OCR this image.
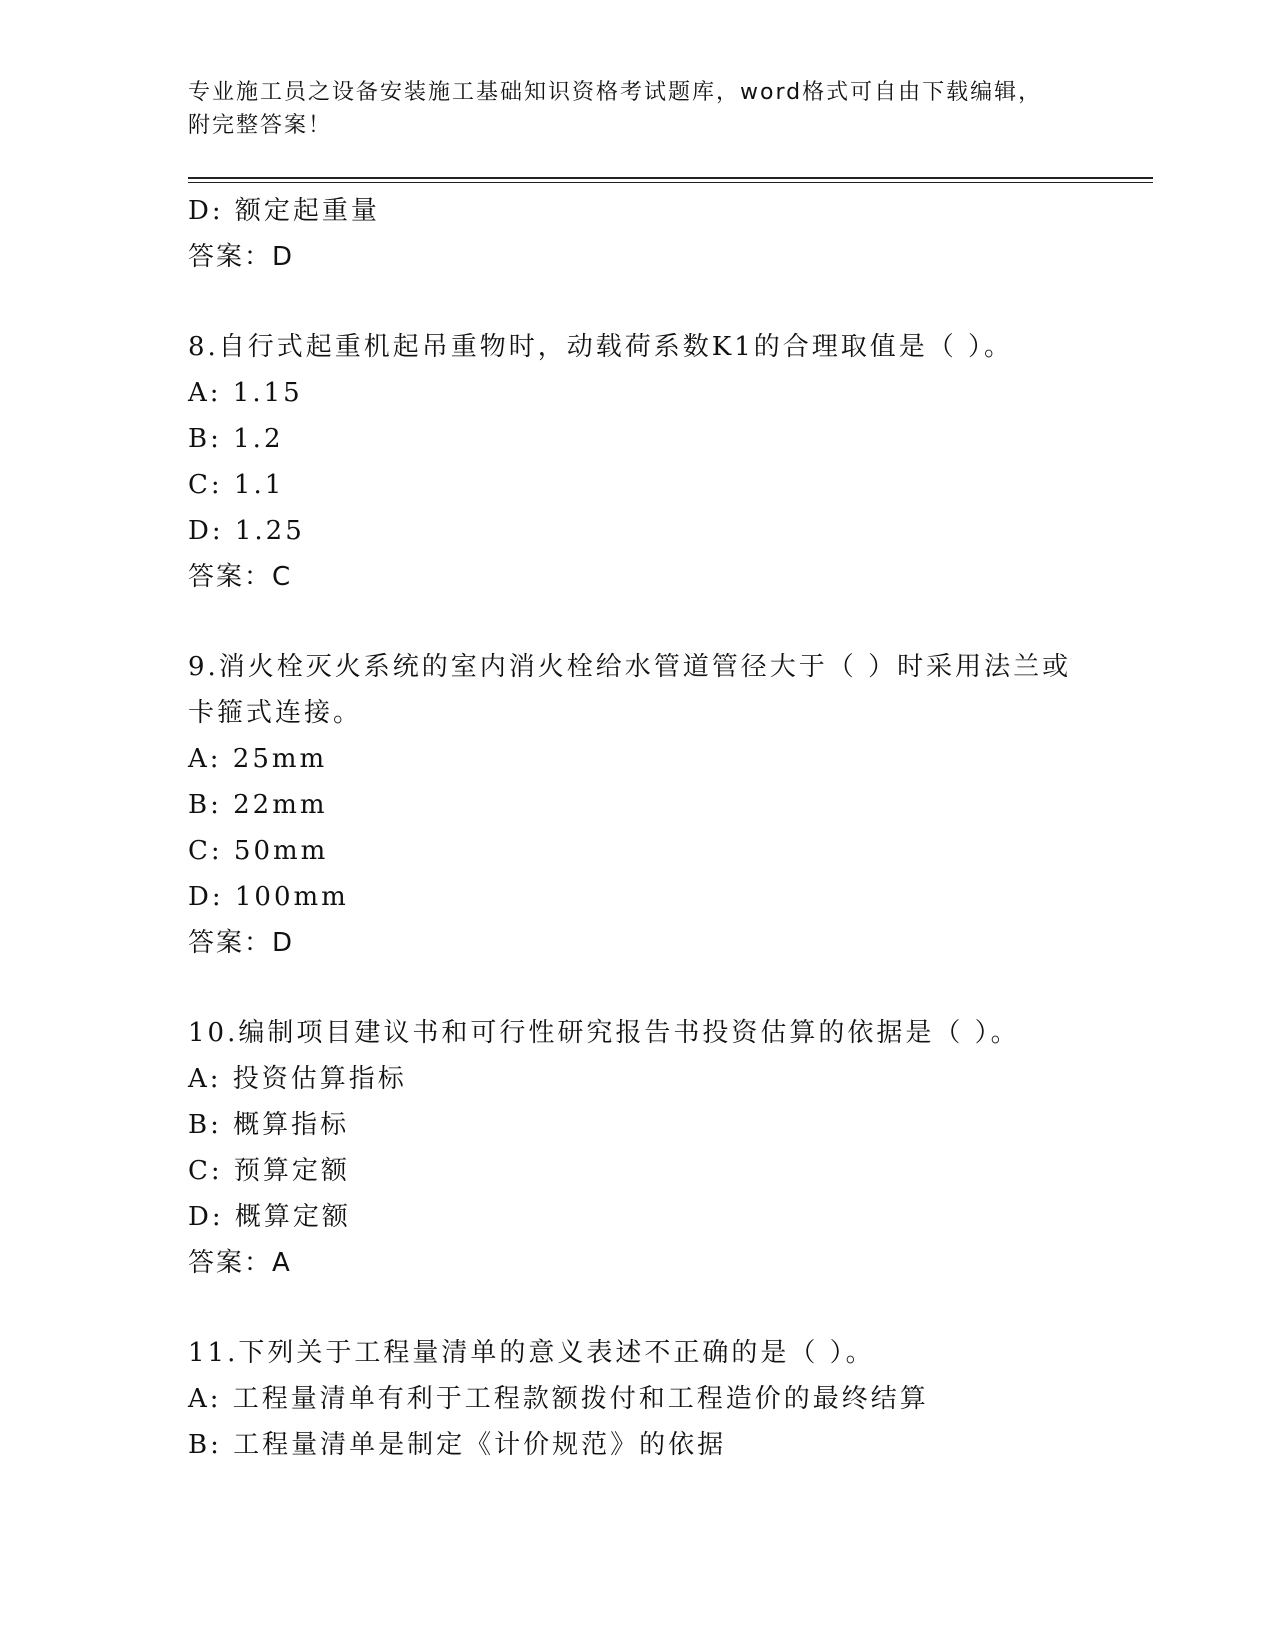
专业施工员之设备安装施工基础知识资格考试题库，word格式可自由下载编辑，
附完整答案！
D: 额定起重量
答案：D
8.自行式起重机起吊重物时，动载荷系数K1的合理取值是（ ）。
A: 1.15
B: 1.2
C: 1.1
D: 1.25
答案：C
9.消火栓灭火系统的室内消火栓给水管道管径大于（ ）时采用法兰或
卡箍式连接。
A: 25mm
B: 22mm
C: 50mm
D: 100mm
答案：D
10.编制项目建议书和可行性研究报告书投资估算的依据是（ ）。
A: 投资估算指标
B: 概算指标
C: 预算定额
D: 概算定额
答案：A
11.下列关于工程量清单的意义表述不正确的是（ ）。
A: 工程量清单有利于工程款额拨付和工程造价的最终结算
B: 工程量清单是制定《计价规范》的依据
